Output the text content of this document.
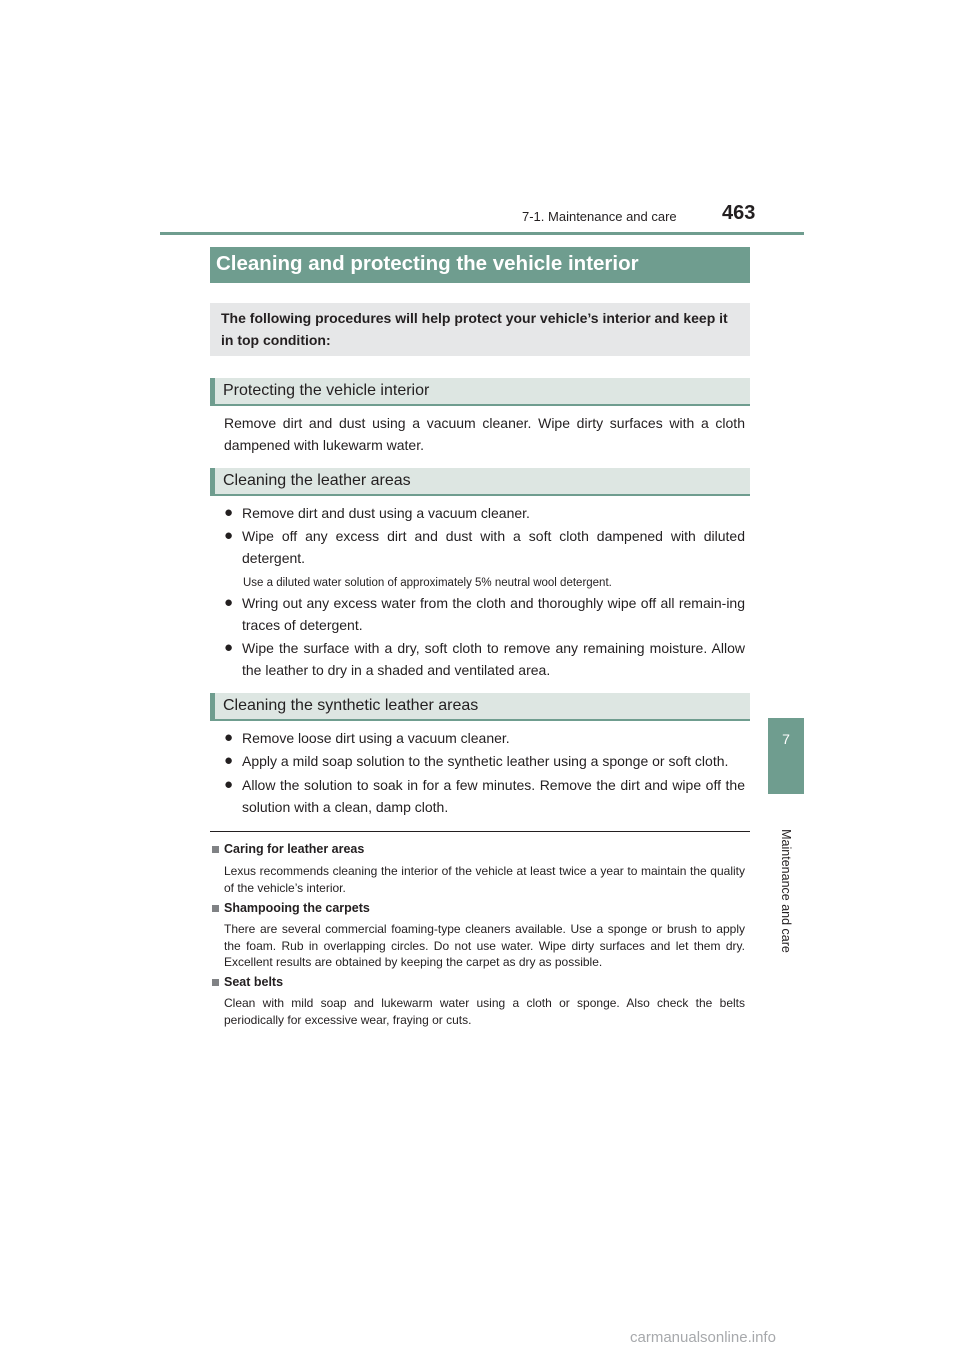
7-1. Maintenance and care 463
7
Maintenance and care
Cleaning and protecting the vehicle interior
The following procedures will help protect your vehicle’s interior and keep it in top condition:
Protecting the vehicle interior
Remove dirt and dust using a vacuum cleaner. Wipe dirty surfaces with a cloth dampened with lukewarm water.
Cleaning the leather areas
● Remove dirt and dust using a vacuum cleaner.
● Wipe off any excess dirt and dust with a soft cloth dampened with diluted detergent.
Use a diluted water solution of approximately 5% neutral wool detergent.
● Wring out any excess water from the cloth and thoroughly wipe off all remain-ing traces of detergent.
● Wipe the surface with a dry, soft cloth to remove any remaining moisture. Allow the leather to dry in a shaded and ventilated area.
Cleaning the synthetic leather areas
● Remove loose dirt using a vacuum cleaner.
● Apply a mild soap solution to the synthetic leather using a sponge or soft cloth.
● Allow the solution to soak in for a few minutes. Remove the dirt and wipe off the solution with a clean, damp cloth.
Caring for leather areas
Lexus recommends cleaning the interior of the vehicle at least twice a year to maintain the quality of the vehicle’s interior.
Shampooing the carpets
There are several commercial foaming-type cleaners available. Use a sponge or brush to apply the foam. Rub in overlapping circles. Do not use water. Wipe dirty surfaces and let them dry. Excellent results are obtained by keeping the carpet as dry as possible.
Seat belts
Clean with mild soap and lukewarm water using a cloth or sponge. Also check the belts periodically for excessive wear, fraying or cuts.
carmanualsonline.info
